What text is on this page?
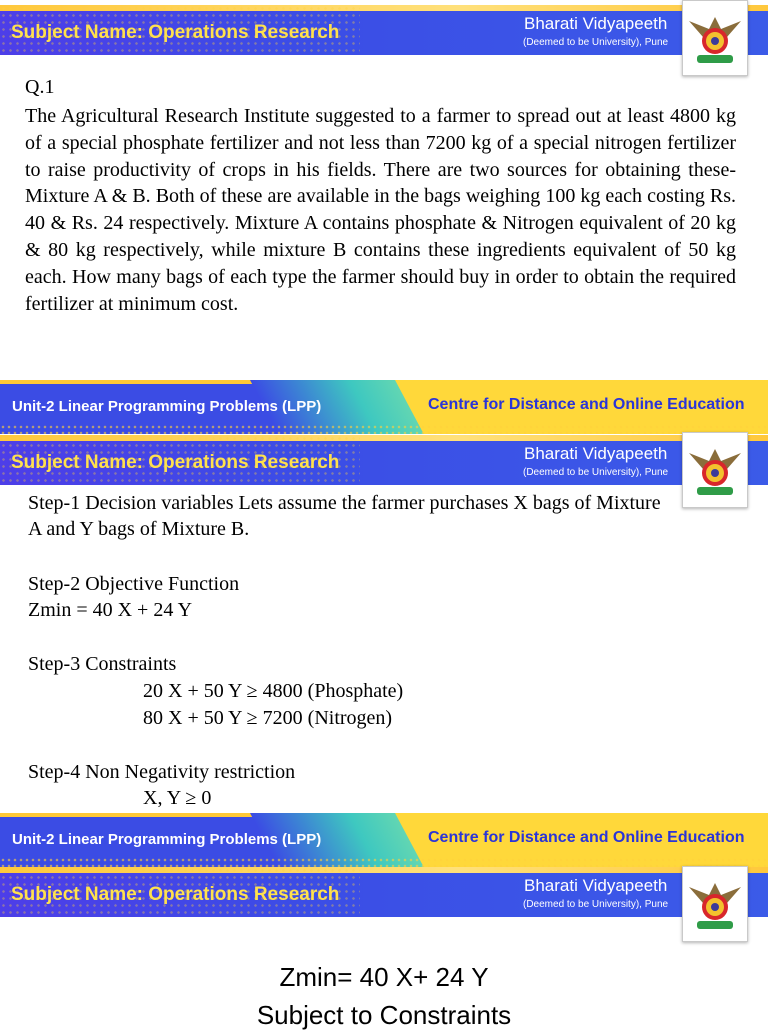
Subject Name: Operations Research	Bharati Vidyapeeth
(Deemed to be University), Pune
Q.1
The Agricultural Research Institute suggested to a farmer to spread out at least 4800 kg of a special phosphate fertilizer and not less than 7200 kg of a special nitrogen fertilizer to raise productivity of crops in his fields. There are two sources for obtaining these-Mixture A & B. Both of these are available in the bags weighing 100 kg each costing Rs. 40 & Rs. 24 respectively. Mixture A contains phosphate & Nitrogen equivalent of 20 kg & 80 kg respectively, while mixture B contains these ingredients equivalent of 50 kg each. How many bags of each type the farmer should buy in order to obtain the required fertilizer at minimum cost.
Unit-2 Linear Programming Problems (LPP)	Centre for Distance and Online Education
Subject Name: Operations Research	Bharati Vidyapeeth
(Deemed to be University), Pune
Step-1 Decision variables Lets assume the farmer purchases X bags of Mixture
A and Y bags of Mixture B.
Step-2 Objective Function
Zmin = 40 X + 24 Y
Step-3 Constraints
20 X + 50 Y ≥ 4800 (Phosphate)
80 X + 50 Y ≥ 7200 (Nitrogen)
Step-4 Non Negativity restriction
X, Y ≥ 0
Unit-2 Linear Programming Problems (LPP)	Centre for Distance and Online Education
Subject Name: Operations Research	Bharati Vidyapeeth
(Deemed to be University), Pune
Zmin= 40 X+ 24 Y
Subject to Constraints
